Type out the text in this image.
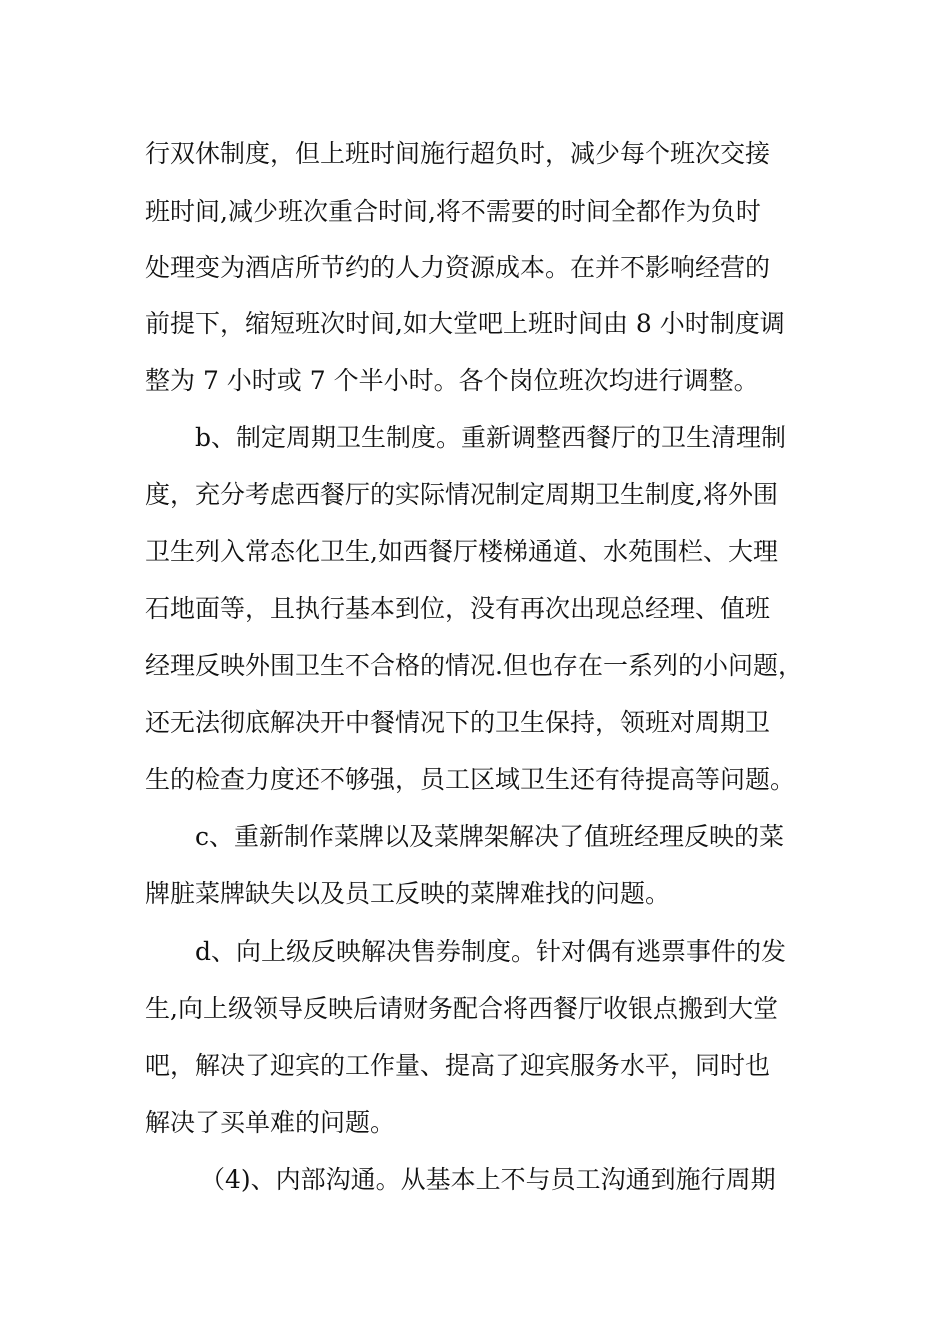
行双休制度，但上班时间施行超负时，减少每个班次交接
班时间,减少班次重合时间,将不需要的时间全都作为负时
处理变为酒店所节约的人力资源成本。在并不影响经营的
前提下，缩短班次时间,如大堂吧上班时间由 8 小时制度调
整为 7 小时或 7 个半小时。各个岗位班次均进行调整。
b、制定周期卫生制度。重新调整西餐厅的卫生清理制
度，充分考虑西餐厅的实际情况制定周期卫生制度,将外围
卫生列入常态化卫生,如西餐厅楼梯通道、水苑围栏、大理
石地面等，且执行基本到位，没有再次出现总经理、值班
经理反映外围卫生不合格的情况.但也存在一系列的小问题，
还无法彻底解决开中餐情况下的卫生保持，领班对周期卫
生的检查力度还不够强，员工区域卫生还有待提高等问题。
c、重新制作菜牌以及菜牌架解决了值班经理反映的菜
牌脏菜牌缺失以及员工反映的菜牌难找的问题。
d、向上级反映解决售券制度。针对偶有逃票事件的发
生,向上级领导反映后请财务配合将西餐厅收银点搬到大堂
吧，解决了迎宾的工作量、提高了迎宾服务水平，同时也
解决了买单难的问题。
（4)、内部沟通。从基本上不与员工沟通到施行周期
